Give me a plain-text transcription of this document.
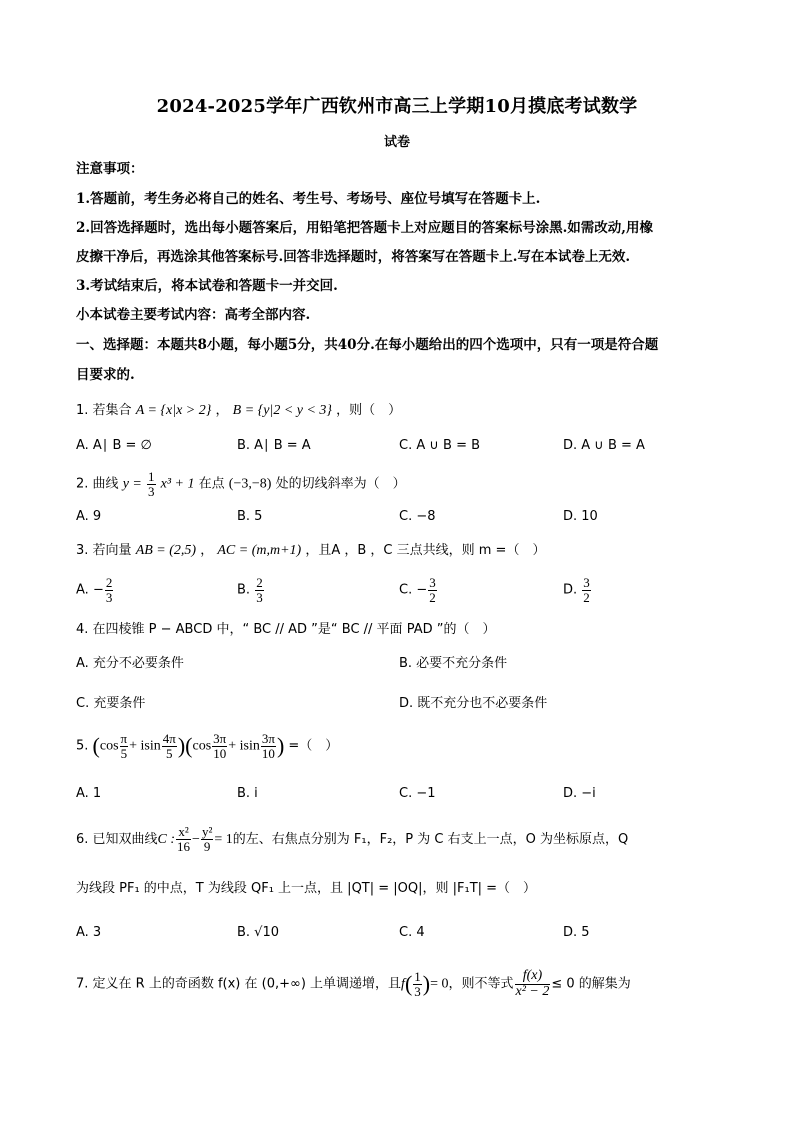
2024-2025学年广西钦州市高三上学期10月摸底考试数学
试卷
注意事项：
1.答题前，考生务必将自己的姓名、考生号、考场号、座位号填写在答题卡上.
2.回答选择题时，选出每小题答案后，用铅笔把答题卡上对应题目的答案标号涂黑.如需改动,用橡
皮擦干净后，再选涂其他答案标号.回答非选择题时，将答案写在答题卡上.写在本试卷上无效.
3.考试结束后，将本试卷和答题卡一并交回.
小本试卷主要考试内容：高考全部内容.
一、选择题：本题共8小题，每小题5分，共40分.在每小题给出的四个选项中，只有一项是符合题
目要求的.
1. 若集合 A = {x|x > 2} ， B = {y|2 < y < 3} ，则（　）
A. A∣ B = ∅	B. A∣ B = A	C. A ∪ B = B	D. A ∪ B = A
2. 曲线 $y = \frac{1}{3} x^3 + 1$ 在点 (−3,−8) 处的切线斜率为（　）
A. 9	B. 5	C. −8	D. 10
3. 若向量 AB = (2,5) ， AC = (m,m+1) ，且A ，B ，C 三点共线，则 m =（　）
A. − $\frac{2}{3}$	B. $\frac{2}{3}$	C. − $\frac{3}{2}$	D. $\frac{3}{2}$
4. 在四棱锥 P − ABCD 中，“ BC // AD ”是“ BC // 平面 PAD ”的（　）
A. 充分不必要条件	B. 必要不充分条件
C. 充要条件	D. 既不充分也不必要条件
5. $(\cos \frac{\pi}{5} + isin \frac{4\pi}{5} )(\cos \frac{3\pi}{10} + isin \frac{3\pi}{10}$ ) =（　）
A. 1	B. i	C. −1	D. −i
6. 已知双曲线C : $\frac{\text{x²}}{16} - \frac{\text{y²}}{9} = 1$的左、右焦点分别为 F₁，F₂，P 为 C 右支上一点，O 为坐标原点，Q
为线段 PF₁ 的中点，T 为线段 QF₁ 上一点，且 |QT| = |OQ|，则 |F₁T| =（　）
A. 3	B. √10	C. 4	D. 5
7. 定义在 R 上的奇函数 f(x) 在 (0,+∞) 上单调递增，且$f( \frac{1}{3}$ )= 0，则不等式 $\frac{f(x)}{\text{x² − 2}} \le 0$ 的解集为
